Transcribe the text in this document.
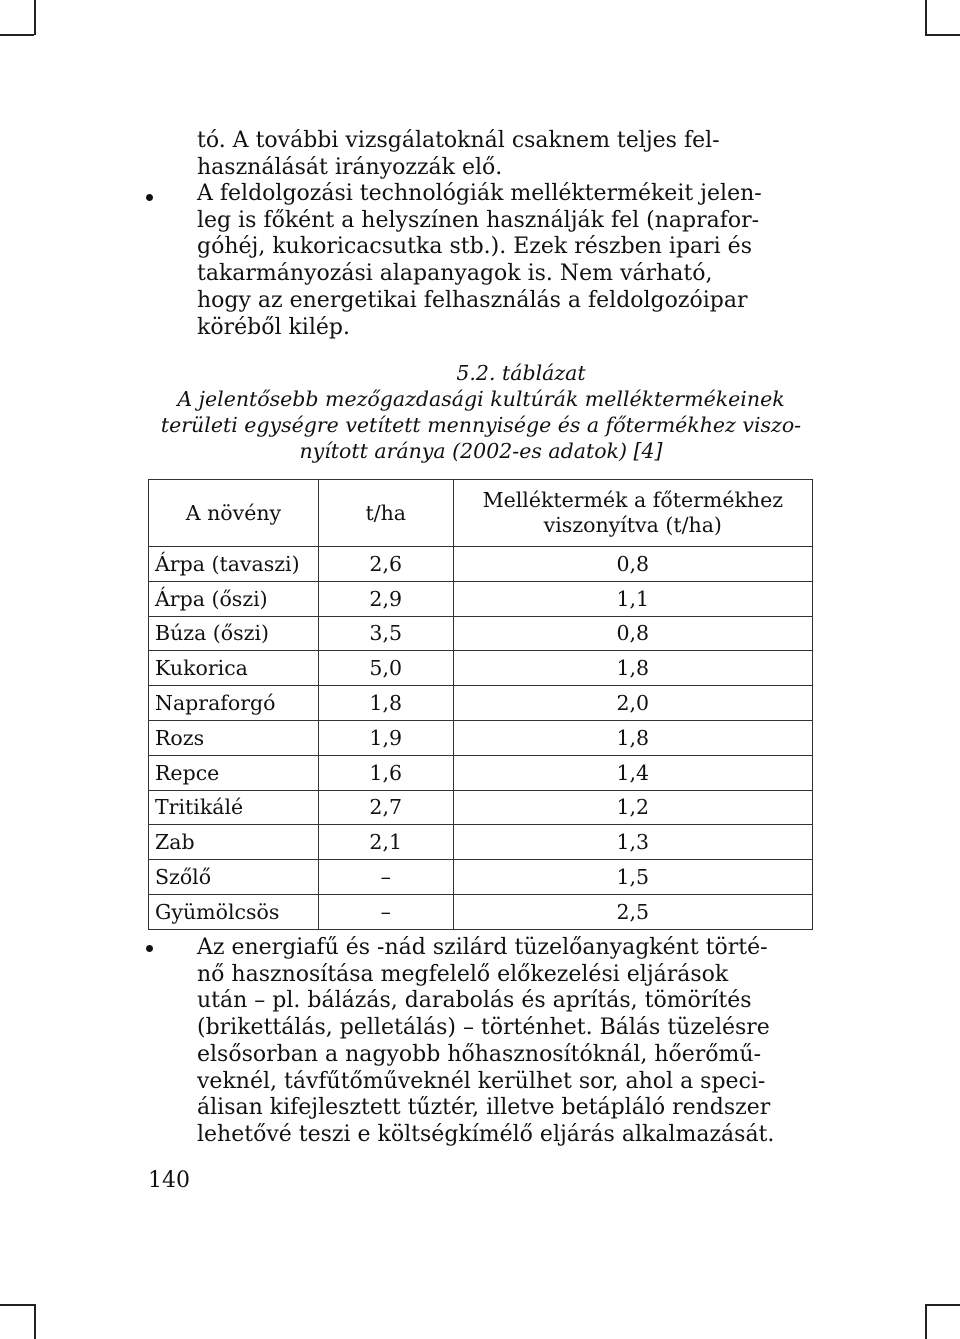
tó. A további vizsgálatoknál csaknem teljes fel-
használását irányozzák elő.
A feldolgozási technológiák melléktermékeit jelen-
leg is főként a helyszínen használják fel (naprafor-
góhéj, kukoricacsutka stb.). Ezek részben ipari és
takarmányozási alapanyagok is. Nem várható,
hogy az energetikai felhasználás a feldolgozóipar
köréből kilép.
5.2. táblázat
A jelentősebb mezőgazdasági kultúrák melléktermékeinek
területi egységre vetített mennyisége és a főtermékhez viszo-
nyított aránya (2002-es adatok) [4]
A növény	t/ha	Melléktermék a főtermékhez
viszonyítva (t/ha)

Árpa (tavaszi)	2,6	0,8
Árpa (őszi)	2,9	1,1
Búza (őszi)	3,5	0,8
Kukorica	5,0	1,8
Napraforgó	1,8	2,0
Rozs	1,9	1,8
Repce	1,6	1,4
Tritikálé	2,7	1,2
Zab	2,1	1,3
Szőlő	–	1,5
Gyümölcsös	–	2,5
Az energiafű és -nád szilárd tüzelőanyagként törté-
nő hasznosítása megfelelő előkezelési eljárások
után – pl. bálázás, darabolás és aprítás, tömörítés
(brikettálás, pelletálás) – történhet. Bálás tüzelésre
elsősorban a nagyobb hőhasznosítóknál, hőerőmű-
veknél, távfűtőműveknél kerülhet sor, ahol a speci-
álisan kifejlesztett tűztér, illetve betápláló rendszer
lehetővé teszi e költségkímélő eljárás alkalmazását.
140
